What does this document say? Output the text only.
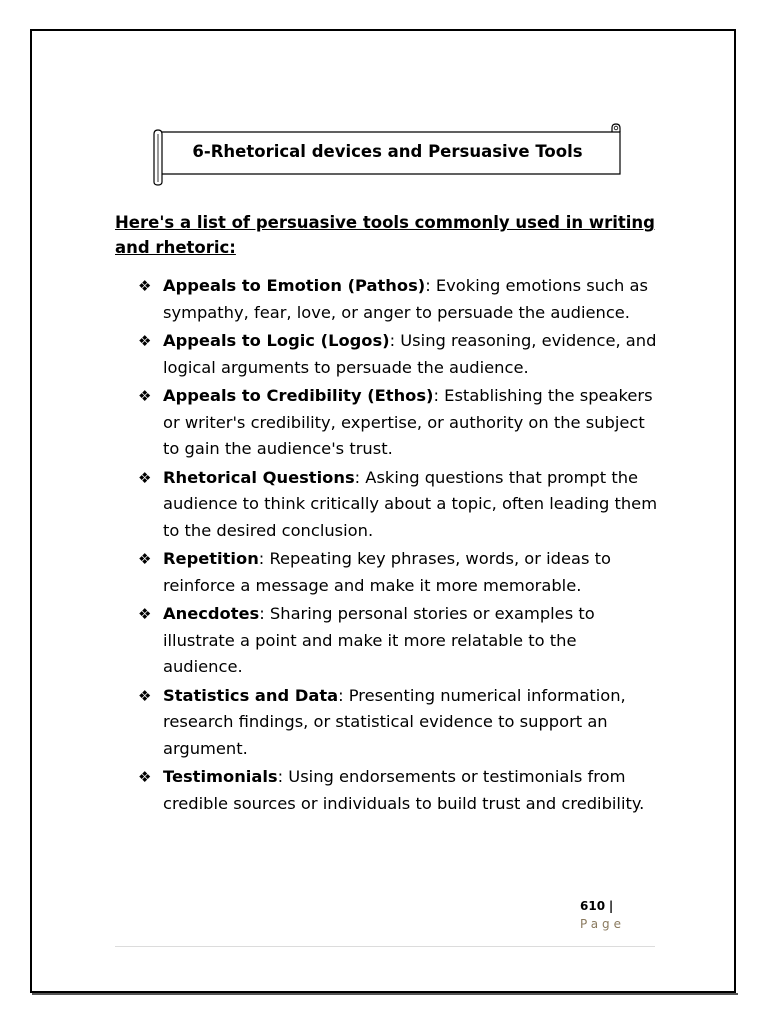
6-Rhetorical devices and Persuasive Tools
Here's a list of persuasive tools commonly used in writing and rhetoric:
❖ Appeals to Emotion (Pathos): Evoking emotions such as sympathy, fear, love, or anger to persuade the audience.
❖ Appeals to Logic (Logos): Using reasoning, evidence, and logical arguments to persuade the audience.
❖ Appeals to Credibility (Ethos): Establishing the speakers or writer's credibility, expertise, or authority on the subject to gain the audience's trust.
❖ Rhetorical Questions: Asking questions that prompt the audience to think critically about a topic, often leading them to the desired conclusion.
❖ Repetition: Repeating key phrases, words, or ideas to reinforce a message and make it more memorable.
❖ Anecdotes: Sharing personal stories or examples to illustrate a point and make it more relatable to the audience.
❖ Statistics and Data: Presenting numerical information, research findings, or statistical evidence to support an argument.
❖ Testimonials: Using endorsements or testimonials from credible sources or individuals to build trust and credibility.
610 | Page
